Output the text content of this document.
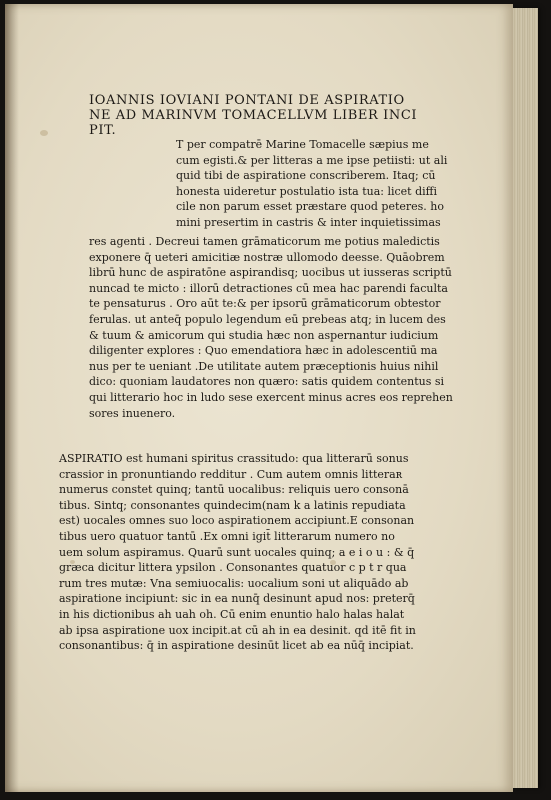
IOANNIS IOVIANI PONTANI DE ASPIRATIO
NE AD MARINVM TOMACELLVM LIBER INCI
PIT.
T per compatrē Marine Tomacelle sæpius me
cum egisti.& per litteras a me ipse petiisti: ut ali
quid tibi de aspiratione conscriberem. Itaq; cū
honesta uideretur postulatio ista tua: licet diffi
cile non parum esset præstare quod peteres. ho
mini presertim in castris & inter inquietissimas
res agenti . Decreui tamen grāmaticorum me potius maledictis
exponere q̄ ueteri amicitiæ nostræ ullomodo deesse. Quāobrem
librū hunc de aspiratōne aspirandisq; uocibus ut iusseras scriptū
nuncad te micto : illorū detractiones cū mea hac parendi faculta
te pensaturus . Oro aūt te:& per ipsorū grāmaticorum obtestor
ferulas. ut anteq̄ populo legendum eū prebeas atq; in lucem des
& tuum & amicorum qui studia hæc non aspernantur iudicium
diligenter explores : Quo emendatiora hæc in adolescentiū ma
nus per te ueniant .De utilitate autem præceptionis huius nihil
dico: quoniam laudatores non quæro: satis quidem contentus si
qui litterario hoc in ludo sese exercent minus acres eos reprehen
sores inuenero.
ASPIRATIO est humani spiritus crassitudo: qua litterarū sonus
crassior in pronuntiando redditur . Cum autem omnis litteraʀ
numerus constet quinq; tantū uocalibus: reliquis uero consonā
tibus. Sintq; consonantes quindecim(nam k a latinis repudiata
est) uocales omnes suo loco aspirationem accipiunt.E consonan
tibus uero quatuor tantū .Ex omni igit̄ litterarum numero no
uem solum aspiramus. Quarū sunt uocales quinq; a e i o u : & q̄
græca dicitur littera ypsilon . Consonantes quatuor c p t r qua
rum tres mutæ: Vna semiuocalis: uocalium soni ut aliquādo ab
aspiratione incipiunt: sic in ea nunq̄ desinunt apud nos: preterq̄
in his dictionibus ah uah oh. Cū enim enuntio halo halas halat
ab ipsa aspiratione uox incipit.at cū ah in ea desinit. qd itē fit in
consonantibus: q̄ in aspiratione desinūt licet ab ea nūq̄ incipiat.
